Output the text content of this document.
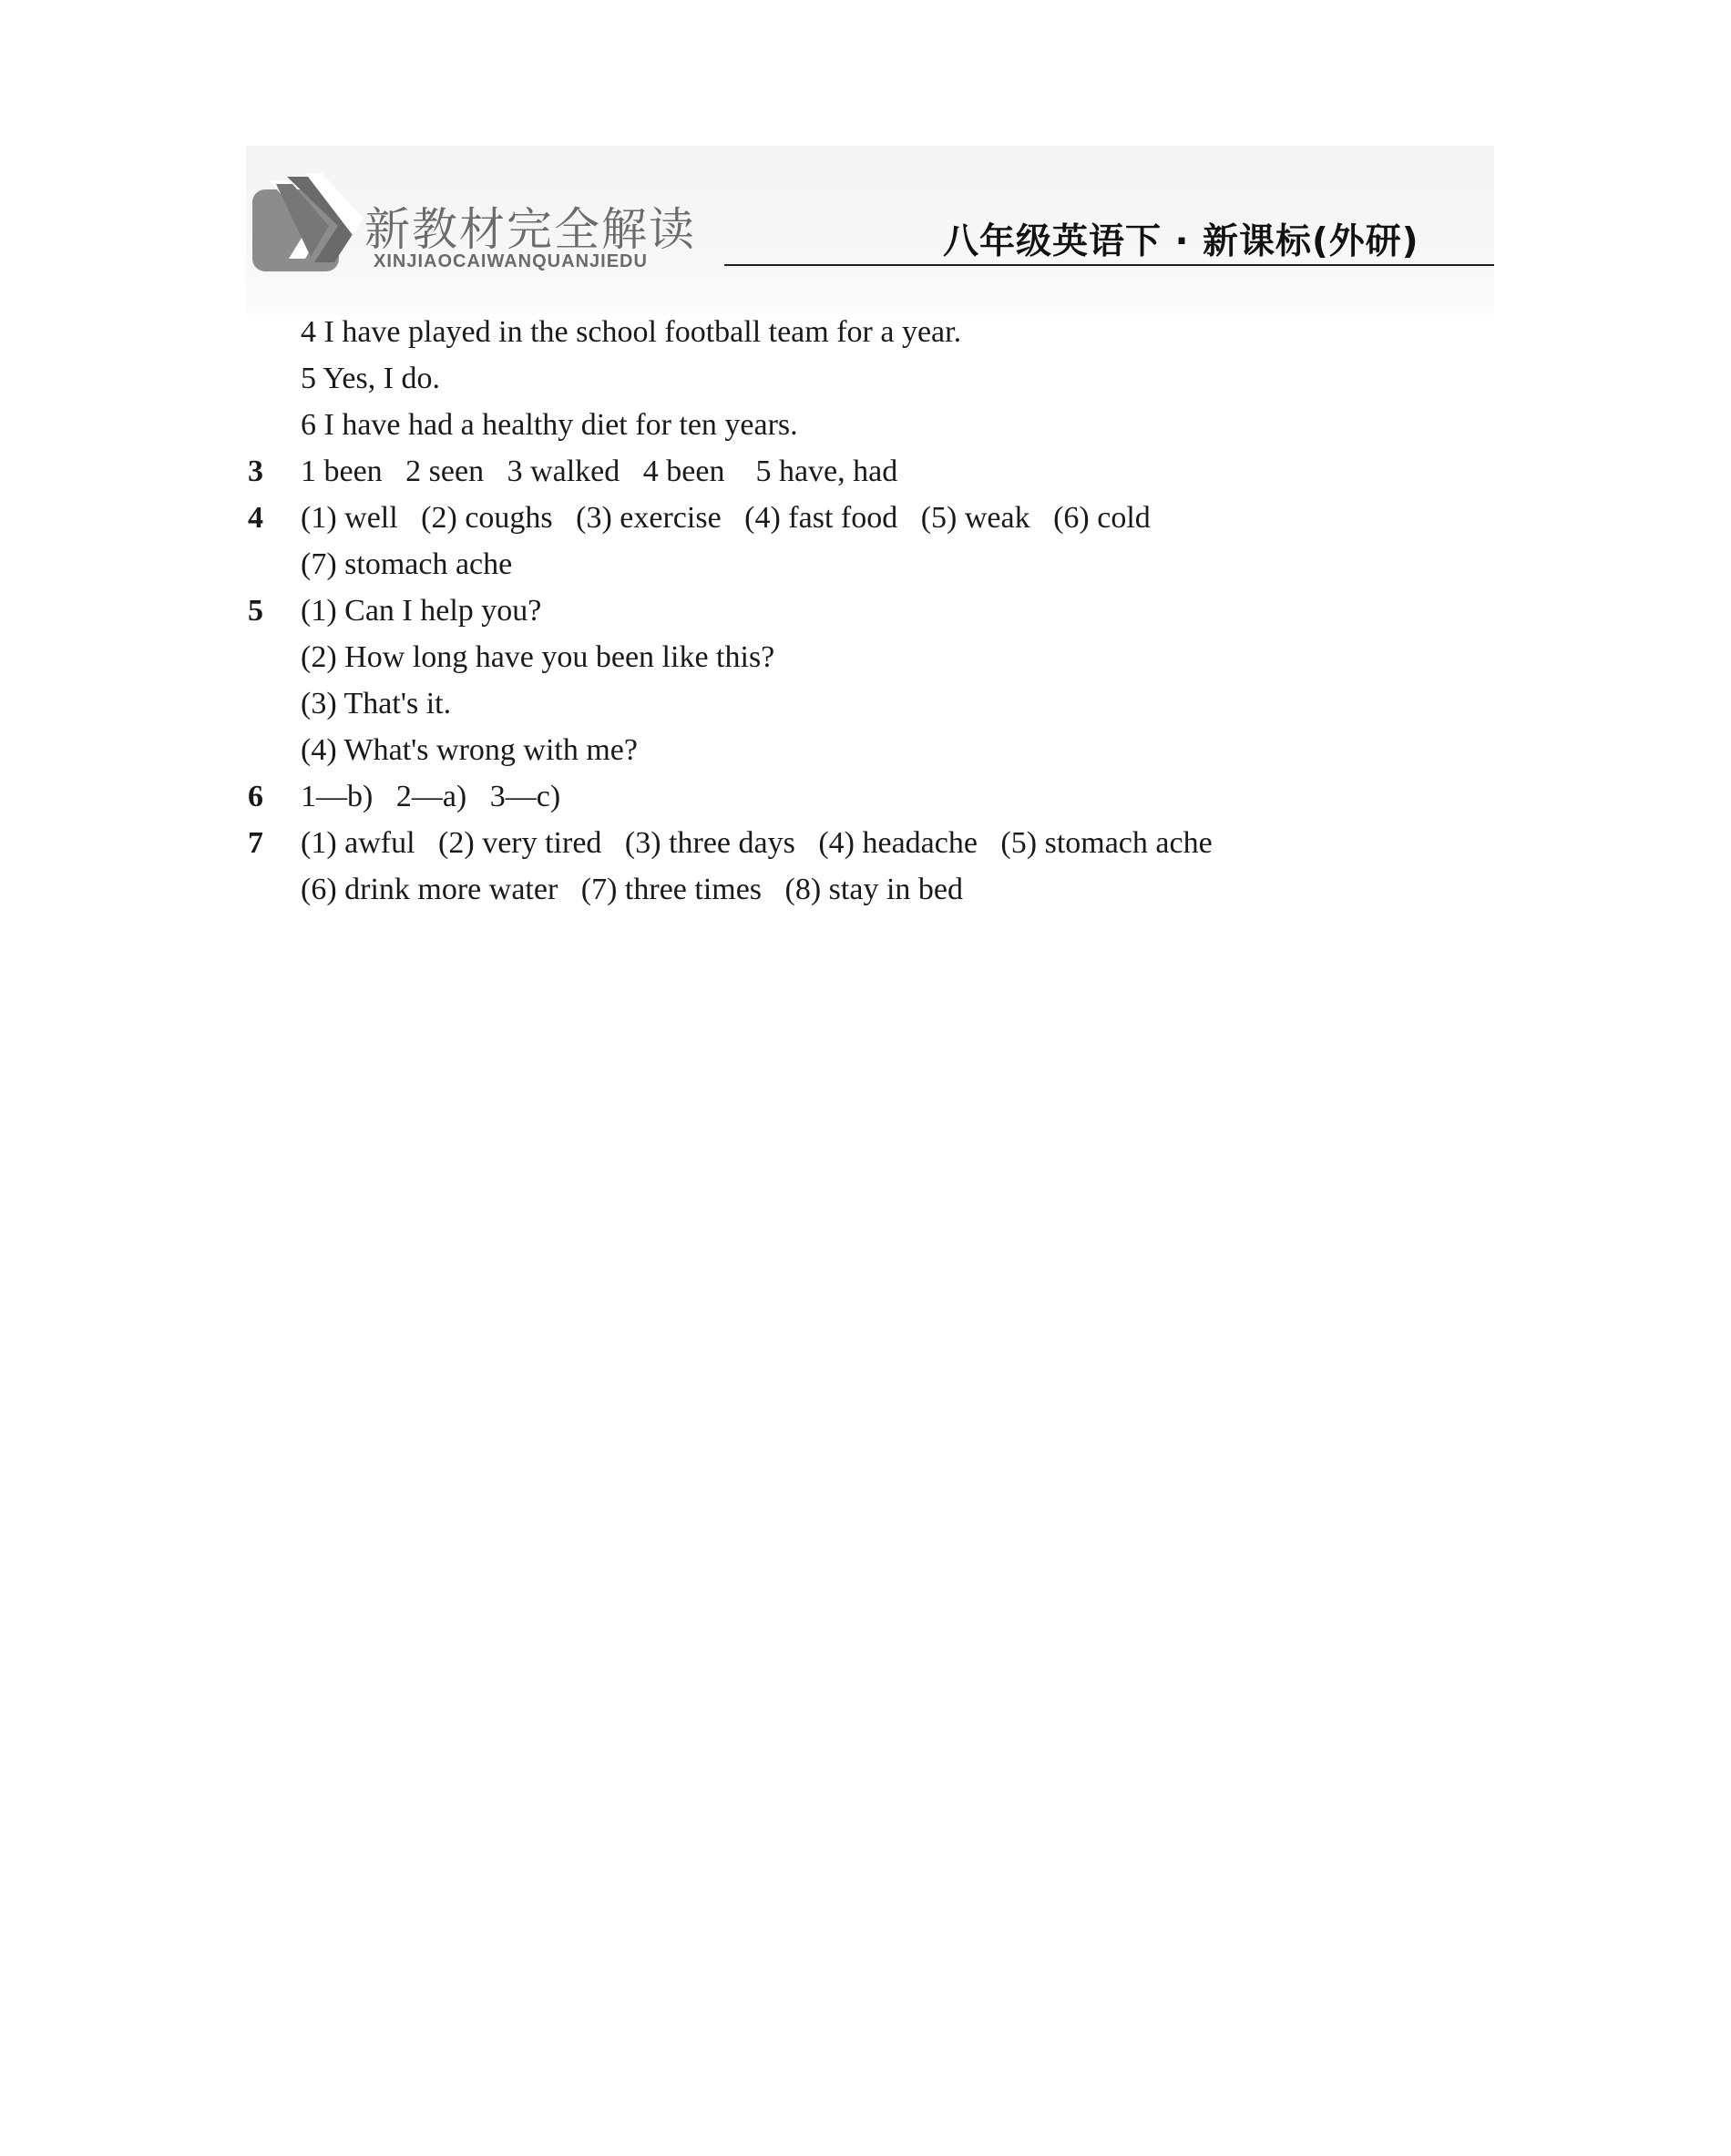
新教材完全解读
XINJIAOCAIWANQUANJIEDU	八年级英语下 · 新课标(外研)
4 I have played in the school football team for a year.
5 Yes, I do.
6 I have had a healthy diet for ten years.
3 1 been   2 seen   3 walked   4 been    5 have, had
4 (1) well   (2) coughs   (3) exercise   (4) fast food   (5) weak   (6) cold
(7) stomach ache
5 (1) Can I help you?
(2) How long have you been like this?
(3) That's it.
(4) What's wrong with me?
6 1—b)   2—a)   3—c)
7 (1) awful   (2) very tired   (3) three days   (4) headache   (5) stomach ache
(6) drink more water   (7) three times   (8) stay in bed
